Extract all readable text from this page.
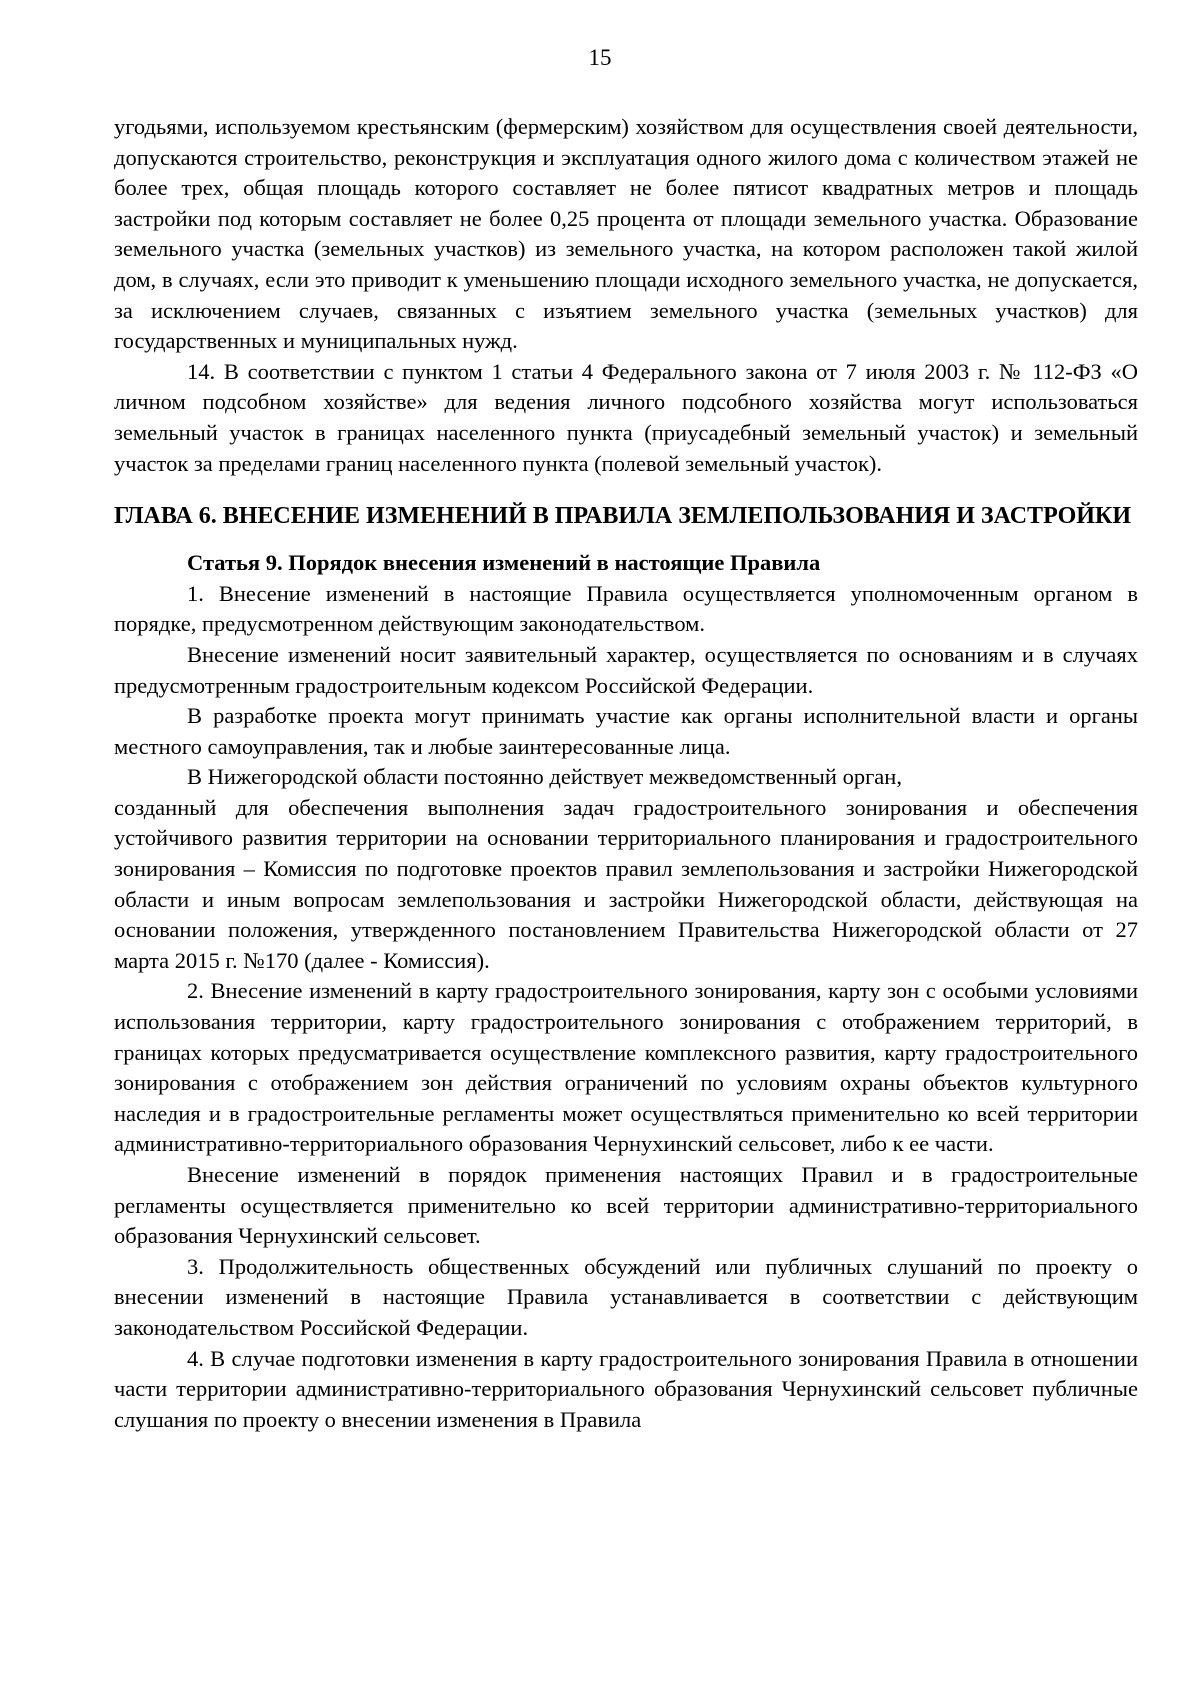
15

угодьями, используемом крестьянским (фермерским) хозяйством для осуществления своей деятельности, допускаются строительство, реконструкция и эксплуатация одного жилого дома с количеством этажей не более трех, общая площадь которого составляет не более пятисот квадратных метров и площадь застройки под которым составляет не более 0,25 процента от площади земельного участка. Образование земельного участка (земельных участков) из земельного участка, на котором расположен такой жилой дом, в случаях, если это приводит к уменьшению площади исходного земельного участка, не допускается, за исключением случаев, связанных с изъятием земельного участка (земельных участков) для государственных и муниципальных нужд.

14. В соответствии с пунктом 1 статьи 4 Федерального закона от 7 июля 2003 г. № 112-ФЗ «О личном подсобном хозяйстве» для ведения личного подсобного хозяйства могут использоваться земельный участок в границах населенного пункта (приусадебный земельный участок) и земельный участок за пределами границ населенного пункта (полевой земельный участок).

ГЛАВА 6. ВНЕСЕНИЕ ИЗМЕНЕНИЙ В ПРАВИЛА ЗЕМЛЕПОЛЬЗОВАНИЯ И ЗАСТРОЙКИ
Статья 9. Порядок внесения изменений в настоящие Правила

1. Внесение изменений в настоящие Правила осуществляется уполномоченным органом в порядке, предусмотренном действующим законодательством.

Внесение изменений носит заявительный характер, осуществляется по основаниям и в случаях предусмотренным градостроительным кодексом Российской Федерации.

В разработке проекта могут принимать участие как органы исполнительной власти и органы местного самоуправления, так и любые заинтересованные лица.

В Нижегородской области постоянно действует межведомственный орган,

созданный для обеспечения выполнения задач градостроительного зонирования и обеспечения устойчивого развития территории на основании территориального планирования и градостроительного зонирования – Комиссия по подготовке проектов правил землепользования и застройки Нижегородской области и иным вопросам землепользования и застройки Нижегородской области, действующая на основании положения, утвержденного постановлением Правительства Нижегородской области от 27 марта 2015 г. №170 (далее - Комиссия).

2. Внесение изменений в карту градостроительного зонирования, карту зон с особыми условиями использования территории, карту градостроительного зонирования с отображением территорий, в границах которых предусматривается осуществление комплексного развития, карту градостроительного зонирования с отображением зон действия ограничений по условиям охраны объектов культурного наследия и в градостроительные регламенты может осуществляться применительно ко всей территории административно-территориального образования Чернухинский сельсовет, либо к ее части.

Внесение изменений в порядок применения настоящих Правил и в градостроительные регламенты осуществляется применительно ко всей территории административно-территориального образования Чернухинский сельсовет.

3. Продолжительность общественных обсуждений или публичных слушаний по проекту о внесении изменений в настоящие Правила устанавливается в соответствии с действующим законодательством Российской Федерации.

4. В случае подготовки изменения в карту градостроительного зонирования Правила в отношении части территории административно-территориального образования Чернухинский сельсовет публичные слушания по проекту о внесении изменения в Правила
